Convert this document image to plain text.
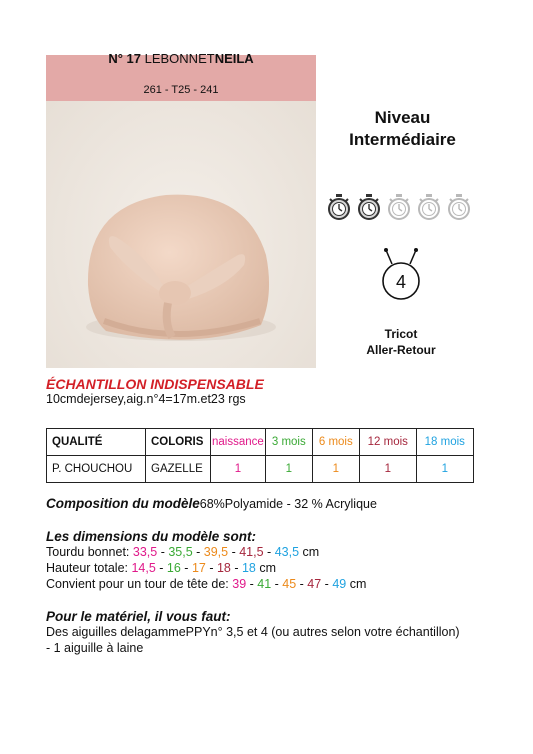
N° 17 LEBONNETNEILA
261 - T25 - 241
Niveau
Intermédiaire
4
Tricot
Aller-Retour
ÉCHANTILLON INDISPENSABLE
10cmdejersey,aig.n°4=17m.et23 rgs
QUALITÉ	COLORIS	naissance	3 mois	6 mois	12 mois	18 mois
P. CHOUCHOU	GAZELLE	1	1	1	1	1
Composition du modèle68%Polyamide - 32 % Acrylique
Les dimensions du modèle sont:
Tourdu bonnet: 33,5 - 35,5 - 39,5 - 41,5 - 43,5 cm
Hauteur totale: 14,5 - 16 - 17 - 18 - 18 cm
Convient pour un tour de tête de: 39 - 41 - 45 - 47 - 49 cm
Pour le matériel, il vous faut:
Des aiguilles delagammePPYn° 3,5 et 4 (ou autres selon votre échantillon)
- 1 aiguille à laine
